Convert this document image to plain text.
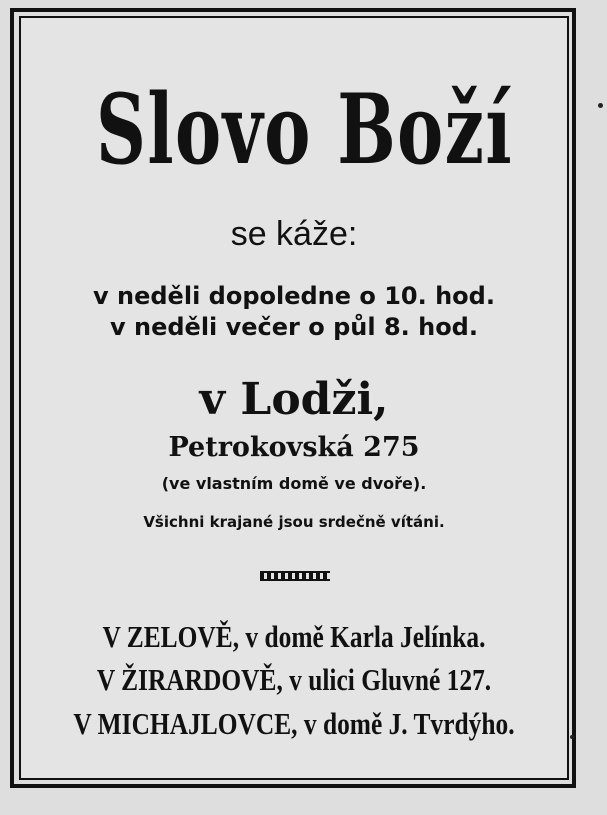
Slovo Boží
se káže:
v neděli dopoledne o 10. hod.
v neděli večer o půl 8. hod.
v Lodži,
Petrokovská 275
(ve vlastním domě ve dvoře).
Všichni krajané jsou srdečně vítáni.
V ZELOVĚ, v domě Karla Jelínka.
V ŽIRARDOVĚ, v ulici Gluvné 127.
V MICHAJLOVCE, v domě J. Tvrdýho.
